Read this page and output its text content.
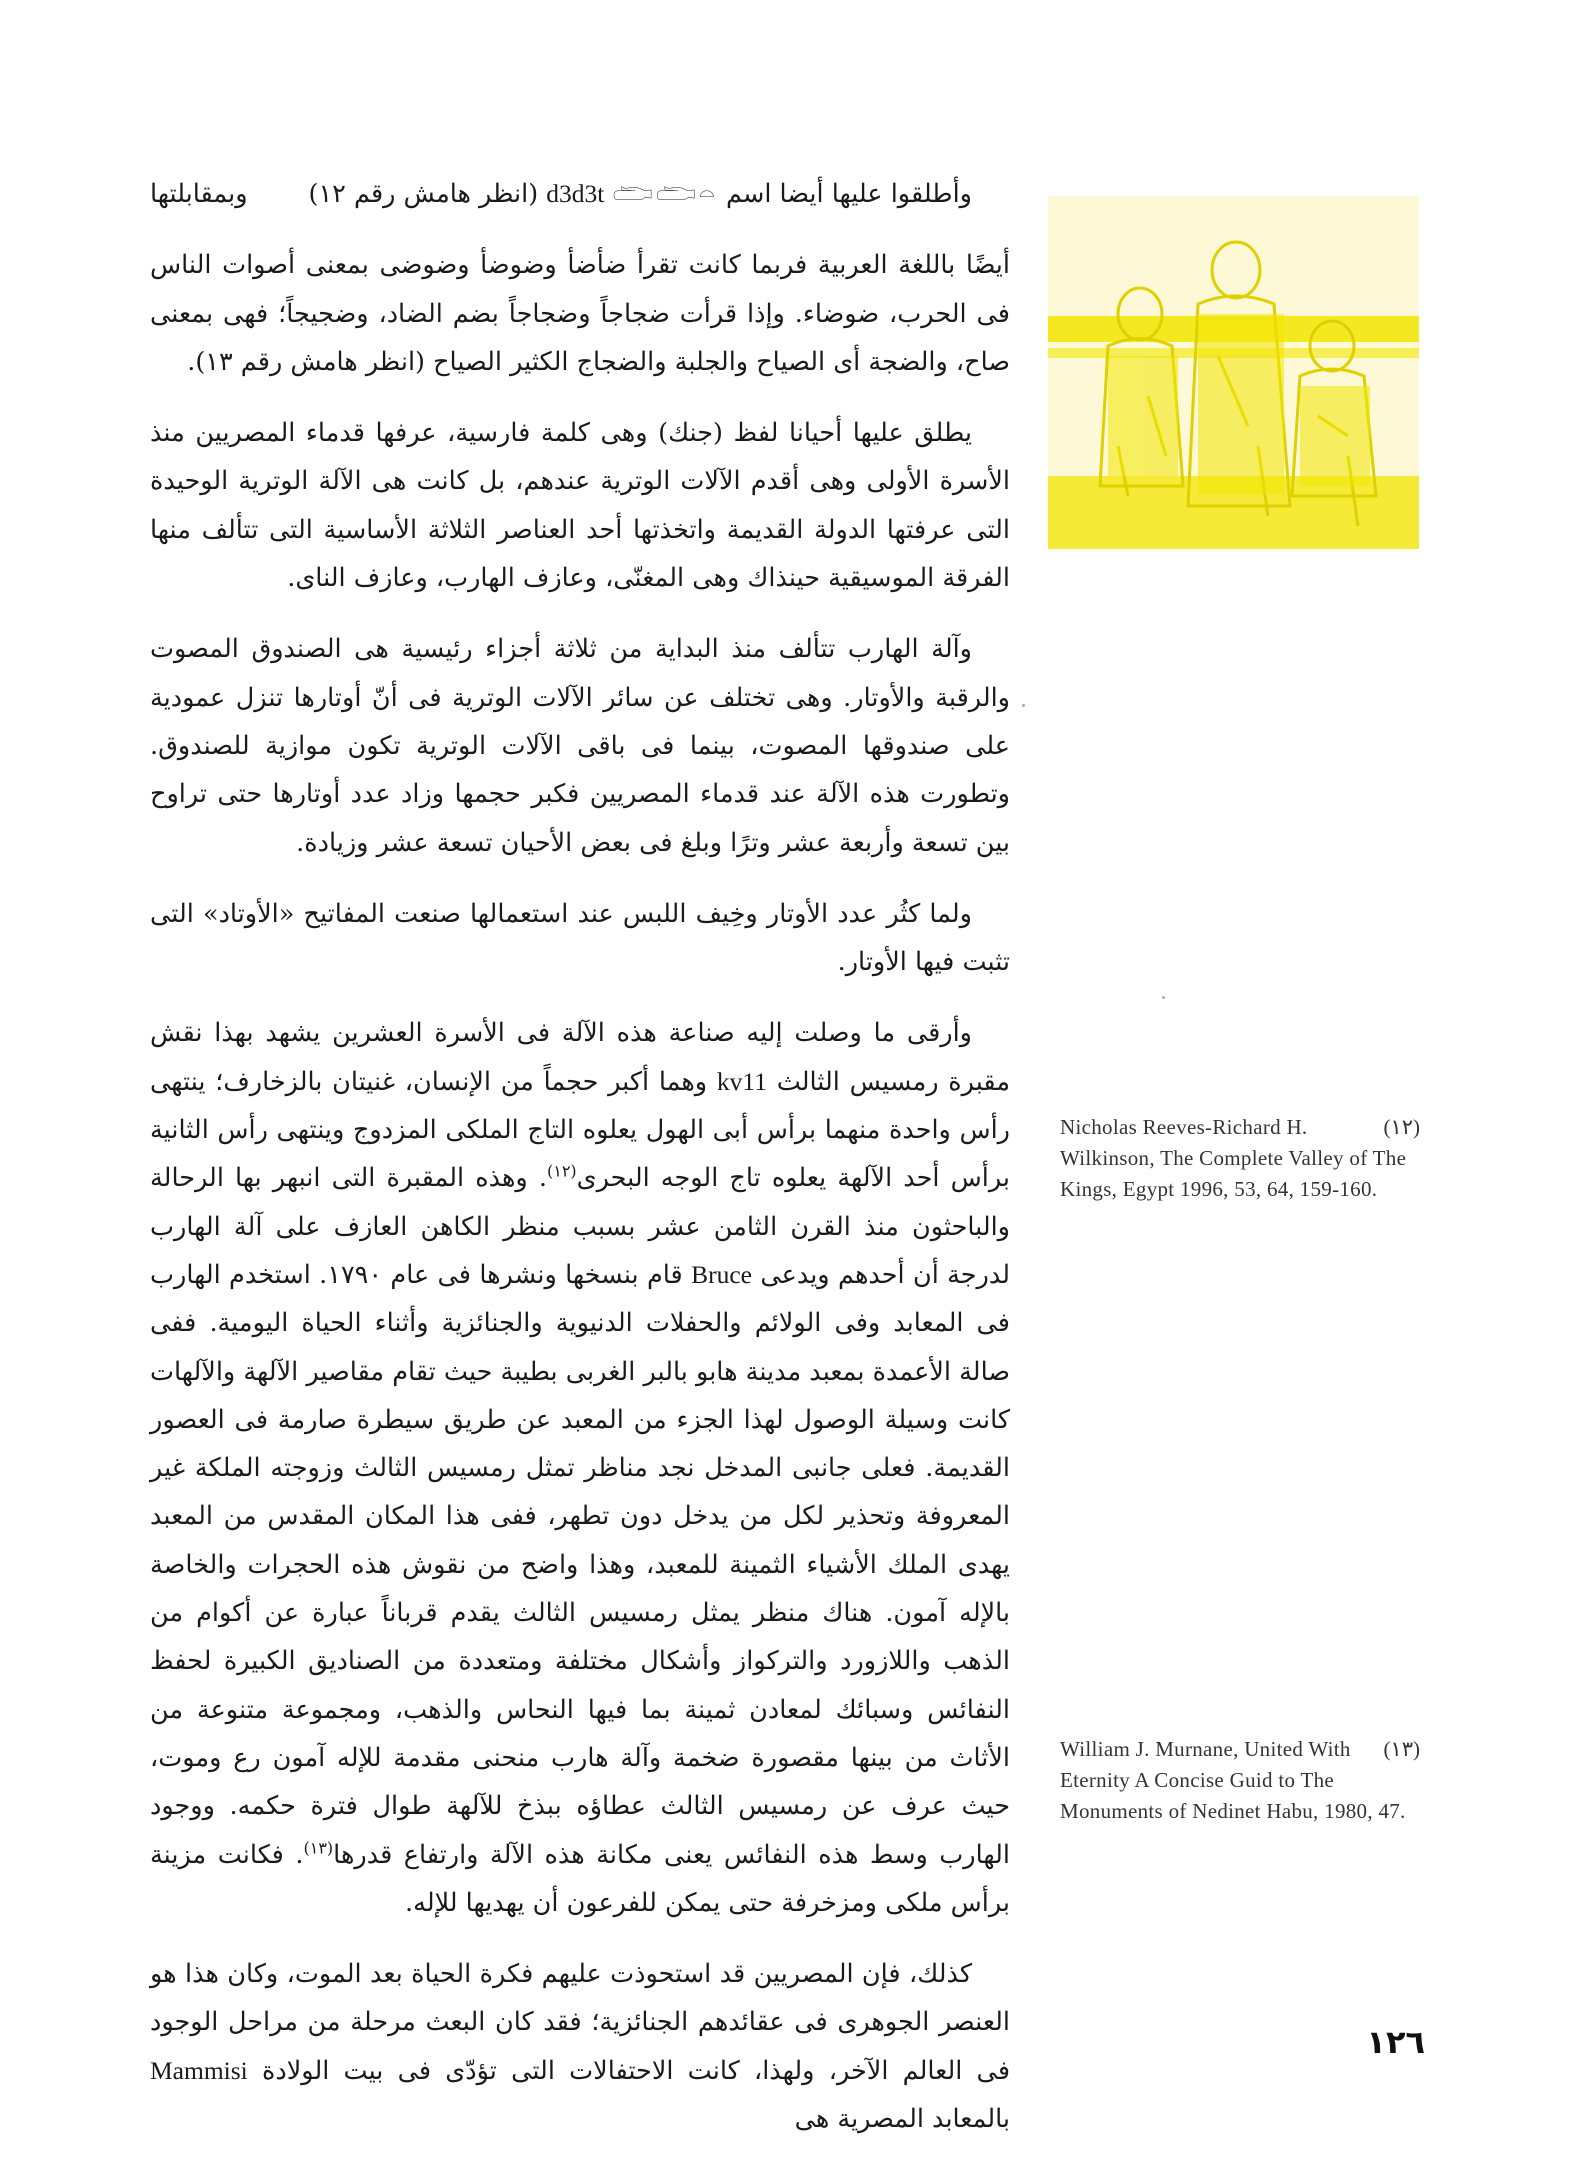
وأطلقوا عليها أيضا اسم d3d3t 𓂧𓂧𓏏 (انظر هامش رقم ١٢)
وبمقابلتها

أيضًا باللغة العربية فربما كانت تقرأ ضأضأ وضوضأ وضوضى بمعنى أصوات الناس فى الحرب، ضوضاء. وإذا قرأت ضجاجاً وضجاجاً بضم الضاد، وضجيجاً؛ فهى بمعنى صاح، والضجة أى الصياح والجلبة والضجاج الكثير الصياح (انظر هامش رقم ١٣).

يطلق عليها أحيانا لفظ (جنك) وهى كلمة فارسية، عرفها قدماء المصريين منذ الأسرة الأولى وهى أقدم الآلات الوترية عندهم، بل كانت هى الآلة الوترية الوحيدة التى عرفتها الدولة القديمة واتخذتها أحد العناصر الثلاثة الأساسية التى تتألف منها الفرقة الموسيقية حينذاك وهى المغنّى، وعازف الهارب، وعازف الناى.

وآلة الهارب تتألف منذ البداية من ثلاثة أجزاء رئيسية هى الصندوق المصوت والرقبة والأوتار. وهى تختلف عن سائر الآلات الوترية فى أنّ أوتارها تنزل عمودية على صندوقها المصوت، بينما فى باقى الآلات الوترية تكون موازية للصندوق. وتطورت هذه الآلة عند قدماء المصريين فكبر حجمها وزاد عدد أوتارها حتى تراوح بين تسعة وأربعة عشر وترًا وبلغ فى بعض الأحيان تسعة عشر وزيادة.

ولما كثُر عدد الأوتار وخِيف اللبس عند استعمالها صنعت المفاتيح «الأوتاد» التى تثبت فيها الأوتار.

وأرقى ما وصلت إليه صناعة هذه الآلة فى الأسرة العشرين يشهد بهذا نقش مقبرة رمسيس الثالث kv11 وهما أكبر حجماً من الإنسان، غنيتان بالزخارف؛ ينتهى رأس واحدة منهما برأس أبى الهول يعلوه التاج الملكى المزدوج وينتهى رأس الثانية برأس أحد الآلهة يعلوه تاج الوجه البحرى$^{(١٢)}$. وهذه المقبرة التى انبهر بها الرحالة والباحثون منذ القرن الثامن عشر بسبب منظر الكاهن العازف على آلة الهارب لدرجة أن أحدهم ويدعى Bruce قام بنسخها ونشرها فى عام ١٧٩٠. استخدم الهارب فى المعابد وفى الولائم والحفلات الدنيوية والجنائزية وأثناء الحياة اليومية. ففى صالة الأعمدة بمعبد مدينة هابو بالبر الغربى بطيبة حيث تقام مقاصير الآلهة والآلهات كانت وسيلة الوصول لهذا الجزء من المعبد عن طريق سيطرة صارمة فى العصور القديمة. فعلى جانبى المدخل نجد مناظر تمثل رمسيس الثالث وزوجته الملكة غير المعروفة وتحذير لكل من يدخل دون تطهر، ففى هذا المكان المقدس من المعبد يهدى الملك الأشياء الثمينة للمعبد، وهذا واضح من نقوش هذه الحجرات والخاصة بالإله آمون. هناك منظر يمثل رمسيس الثالث يقدم قرباناً عبارة عن أكوام من الذهب واللازورد والتركواز وأشكال مختلفة ومتعددة من الصناديق الكبيرة لحفظ النفائس وسبائك لمعادن ثمينة بما فيها النحاس والذهب، ومجموعة متنوعة من الأثاث من بينها مقصورة ضخمة وآلة هارب منحنى مقدمة للإله آمون رع وموت، حيث عرف عن رمسيس الثالث عطاؤه ببذخ للآلهة طوال فترة حكمه. ووجود الهارب وسط هذه النفائس يعنى مكانة هذه الآلة وارتفاع قدرها$^{(١٣)}$. فكانت مزينة برأس ملكى ومزخرفة حتى يمكن للفرعون أن يهديها للإله.

كذلك، فإن المصريين قد استحوذت عليهم فكرة الحياة بعد الموت، وكان هذا هو العنصر الجوهرى فى عقائدهم الجنائزية؛ فقد كان البعث مرحلة من مراحل الوجود فى العالم الآخر، ولهذا، كانت الاحتفالات التى تؤدّى فى بيت الولادة Mammisi بالمعابد المصرية هى

(١٢)
Nicholas Reeves-Richard H. Wilkinson, The Complete Valley of The Kings, Egypt 1996, 53, 64, 159-160.
(١٣)
William J. Murnane, United With Eternity A Concise Guid to The Monuments of Nedinet Habu, 1980, 47.
١٢٦
